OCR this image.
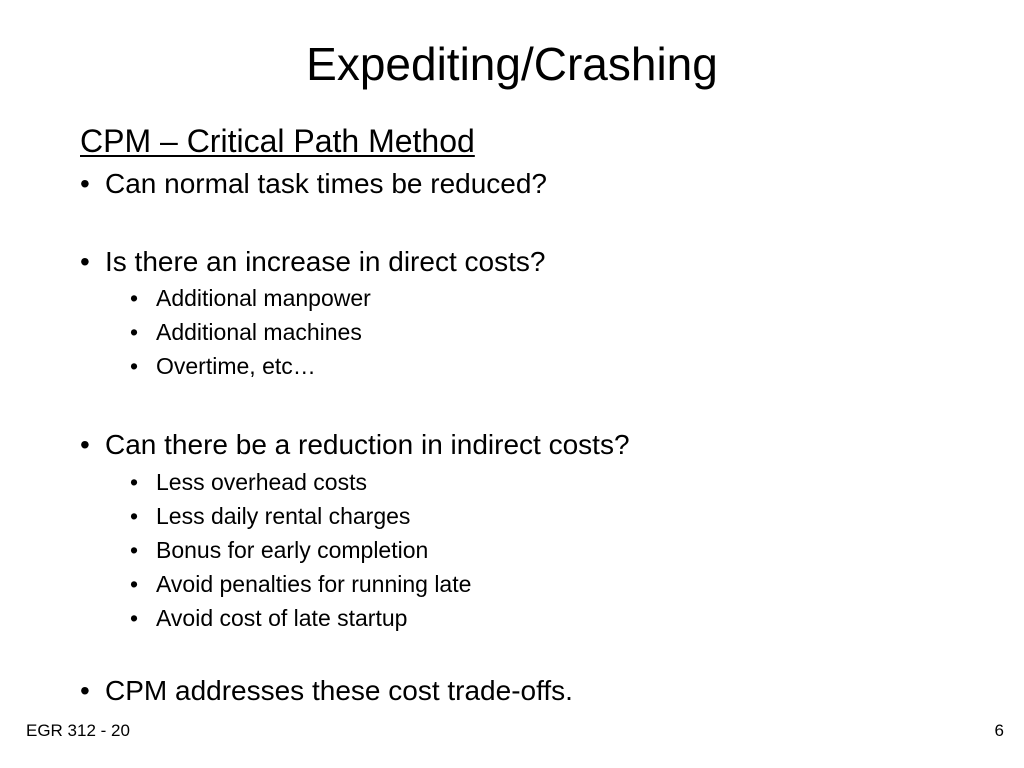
Expediting/Crashing
CPM – Critical Path Method
• Can normal task times be reduced?
• Is there an increase in direct costs?
• Additional manpower
• Additional machines
• Overtime, etc…
• Can there be a reduction in indirect costs?
• Less overhead costs
• Less daily rental charges
• Bonus for early completion
• Avoid penalties for running late
• Avoid cost of late startup
• CPM addresses these cost trade-offs.
EGR 312 - 20	6
